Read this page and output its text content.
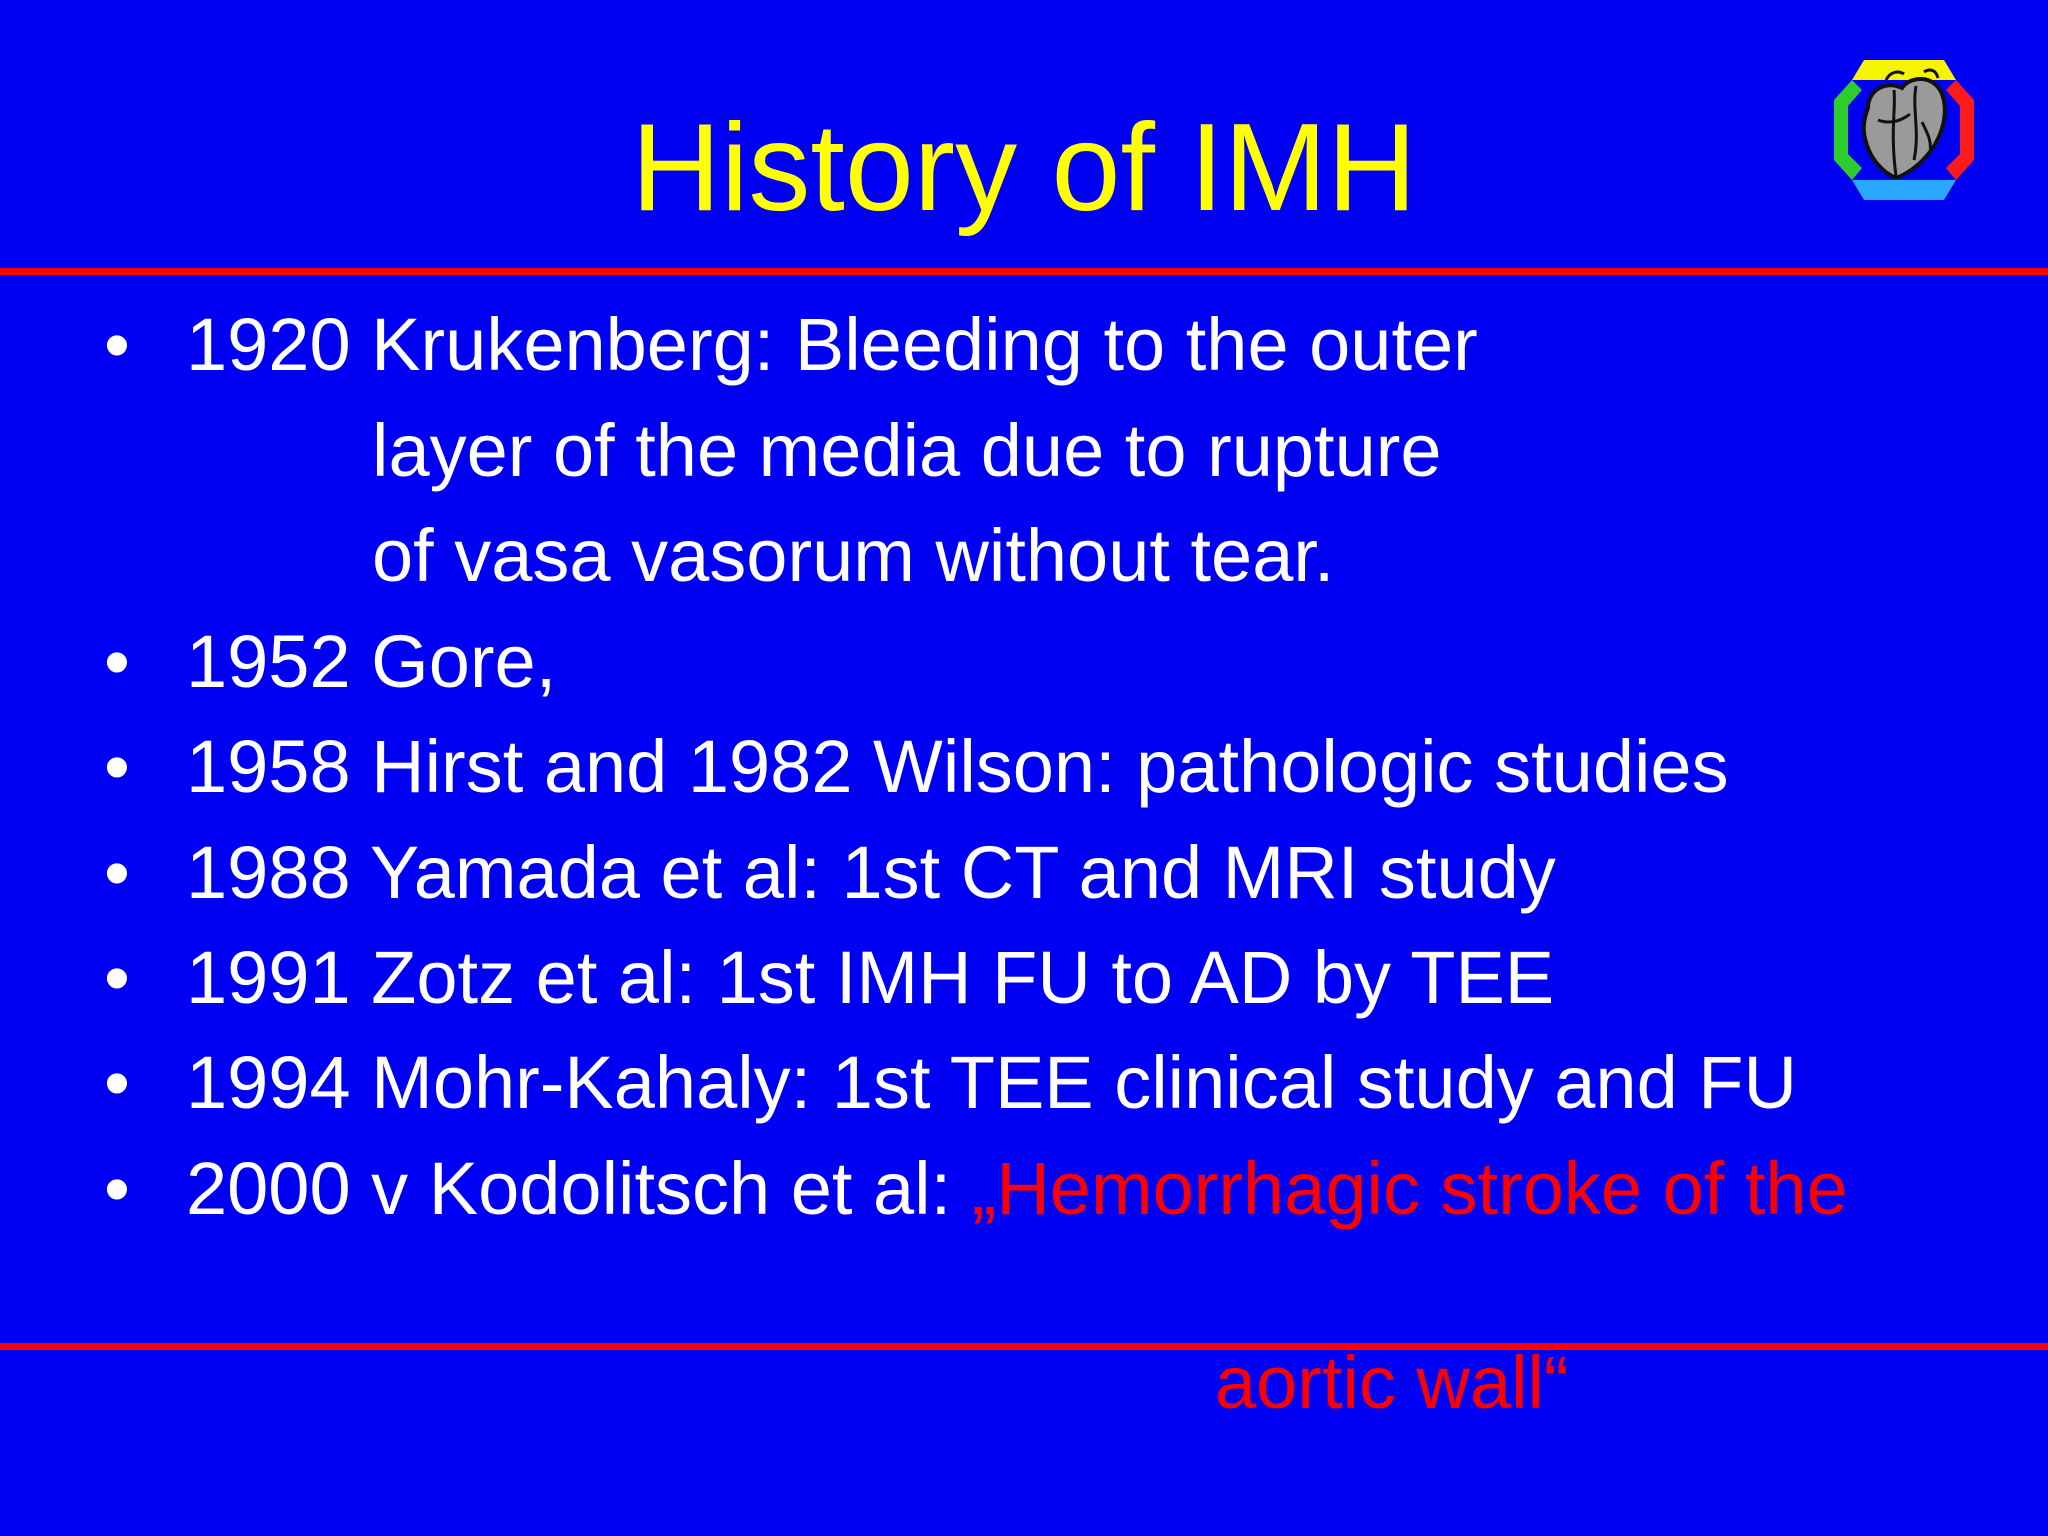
History of IMH
• 1920 Krukenberg: Bleeding to the outer
layer of the media due to rupture
of vasa vasorum without tear.
• 1952 Gore,
• 1958 Hirst and 1982 Wilson: pathologic studies
• 1988 Yamada et al: 1st CT and MRI study
• 1991 Zotz et al: 1st IMH FU to AD by TEE
• 1994 Mohr-Kahaly: 1st TEE clinical study and FU
• 2000 v Kodolitsch et al: „Hemorrhagic stroke of the
aortic wall“
